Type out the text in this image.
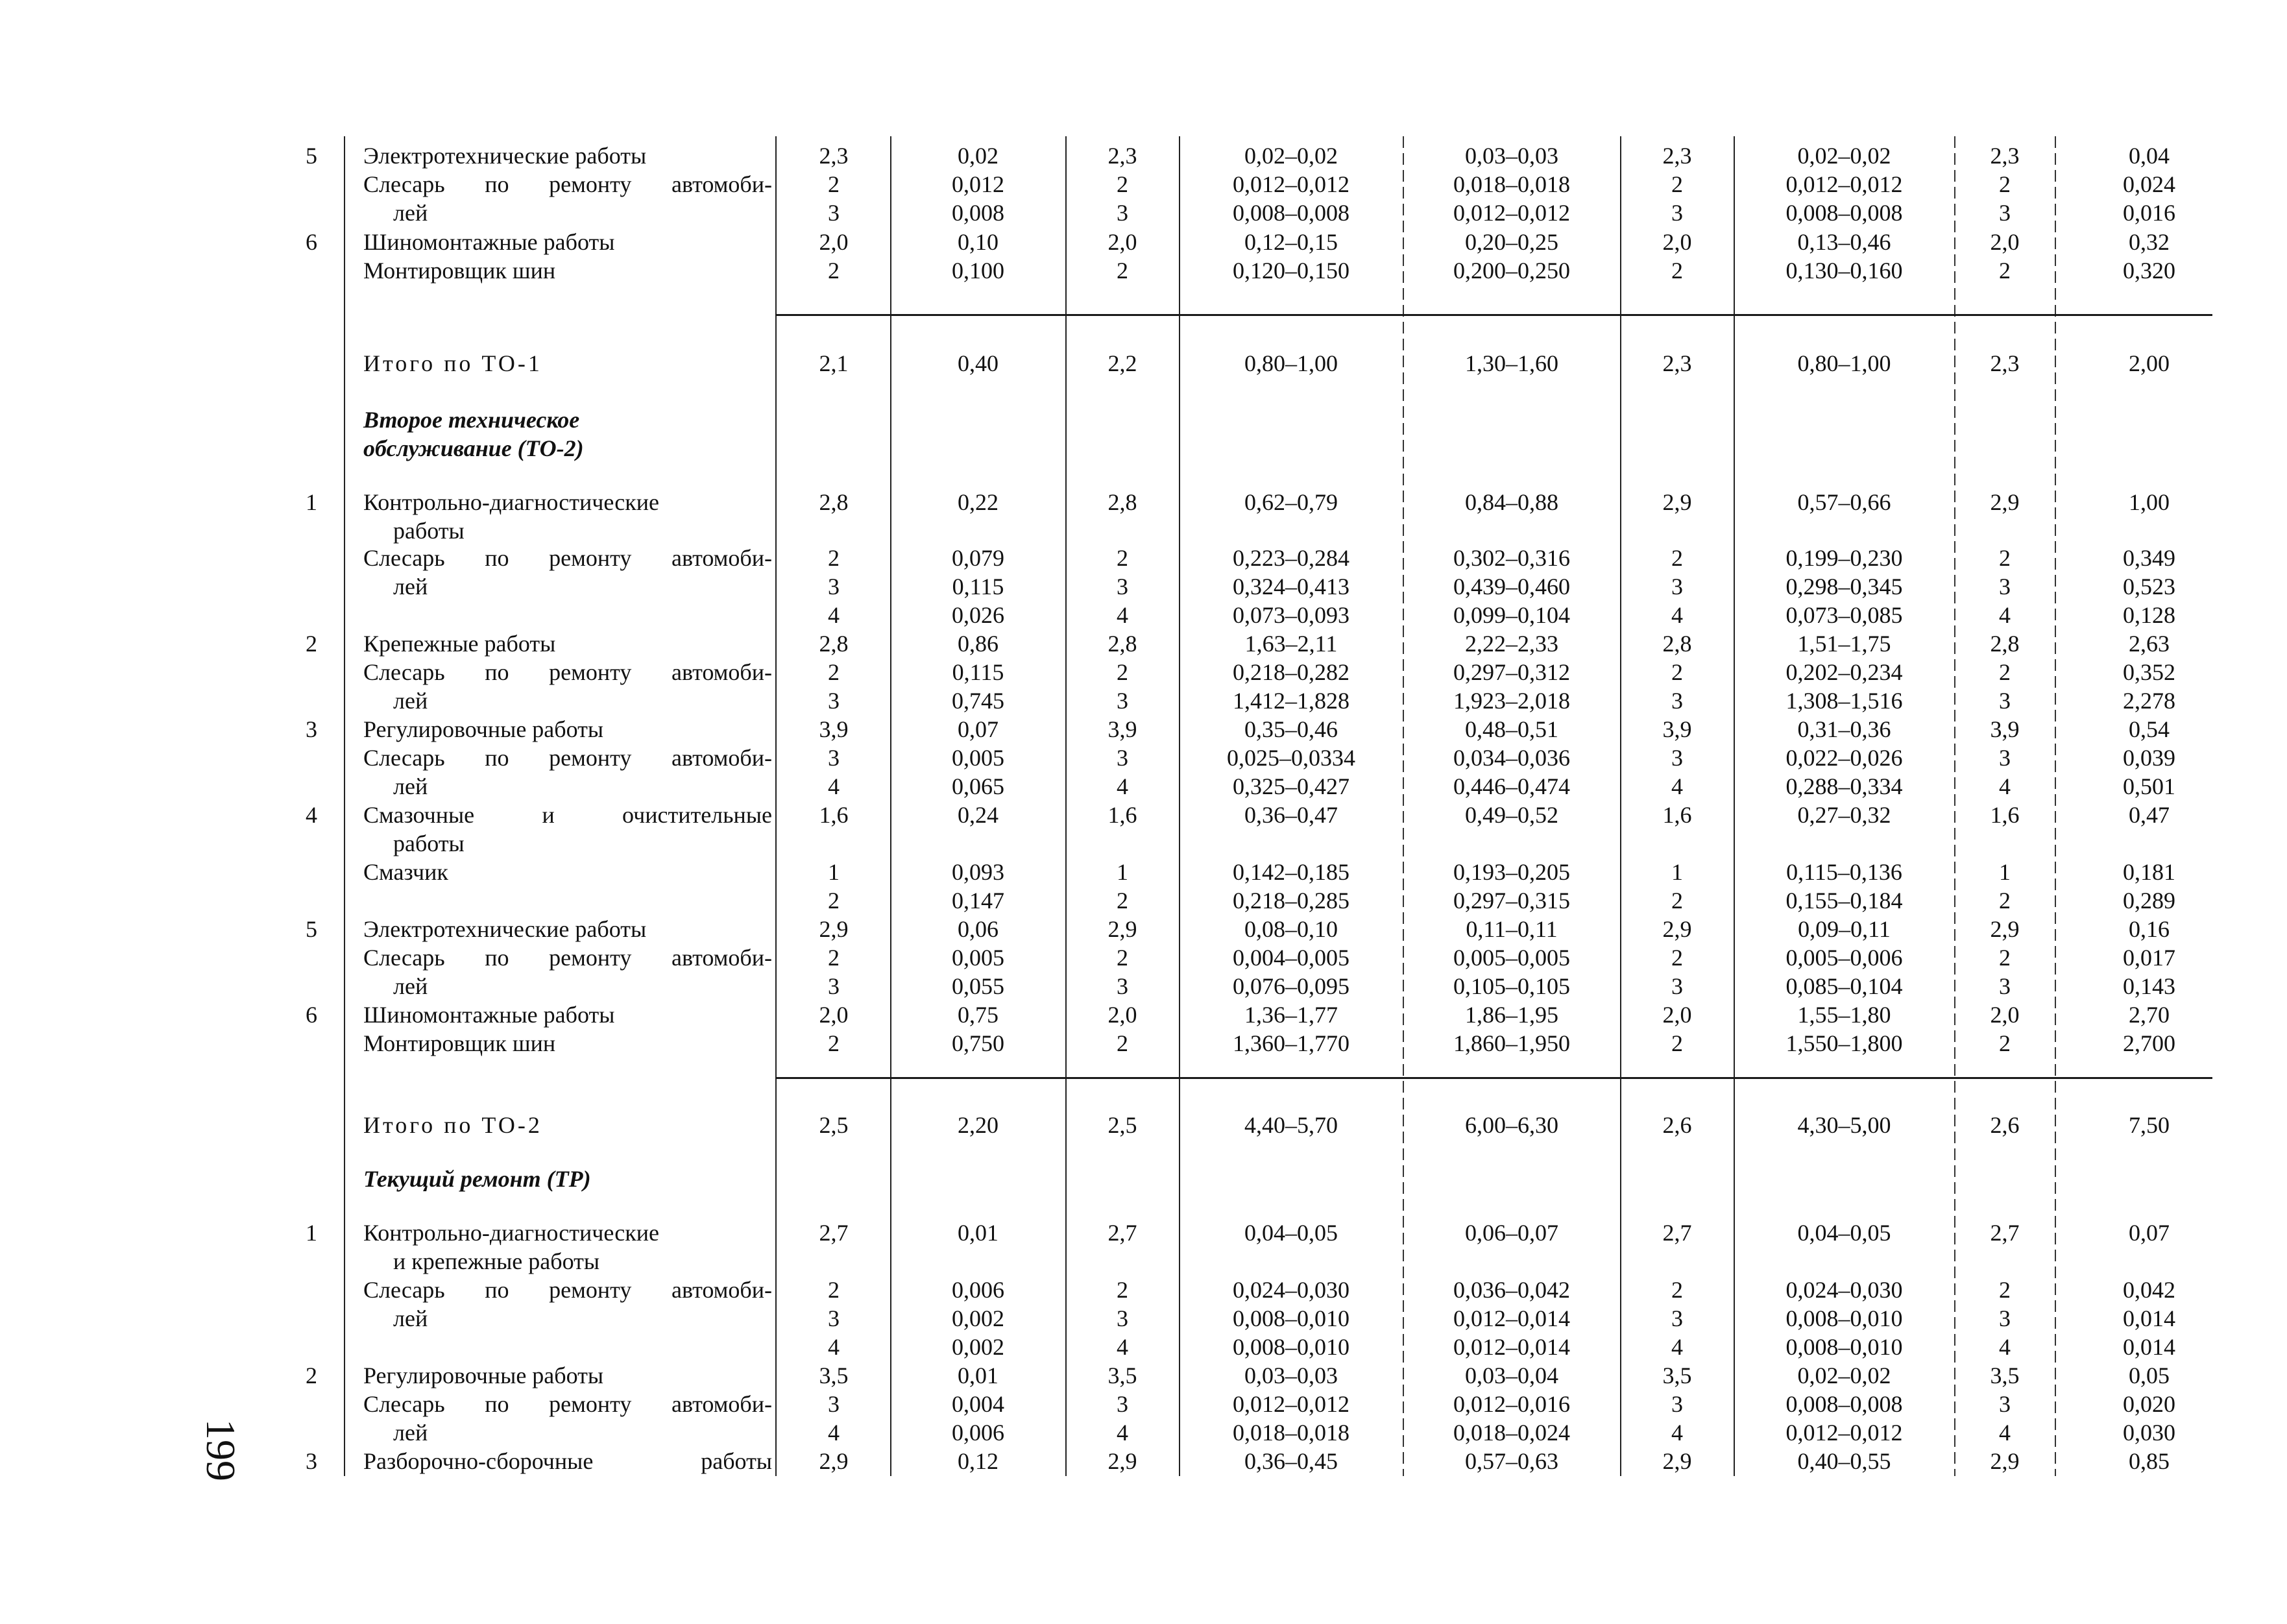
5	Электротехнические работы	2,3	0,02	2,3	0,02–0,02	0,03–0,03	2,3	0,02–0,02	2,3	0,04
Слесарь по ремонту автомоби-	2	0,012	2	0,012–0,012	0,018–0,018	2	0,012–0,012	2	0,024
лей	3	0,008	3	0,008–0,008	0,012–0,012	3	0,008–0,008	3	0,016
6	Шиномонтажные работы	2,0	0,10	2,0	0,12–0,15	0,20–0,25	2,0	0,13–0,46	2,0	0,32
Монтировщик шин	2	0,100	2	0,120–0,150	0,200–0,250	2	0,130–0,160	2	0,320
Итого по ТО-1	2,1	0,40	2,2	0,80–1,00	1,30–1,60	2,3	0,80–1,00	2,3	2,00
Второе техническое
обслуживание (ТО-2)
1	Контрольно-диагностические	2,8	0,22	2,8	0,62–0,79	0,84–0,88	2,9	0,57–0,66	2,9	1,00
работы
Слесарь по ремонту автомоби-	2	0,079	2	0,223–0,284	0,302–0,316	2	0,199–0,230	2	0,349
лей	3	0,115	3	0,324–0,413	0,439–0,460	3	0,298–0,345	3	0,523
4	0,026	4	0,073–0,093	0,099–0,104	4	0,073–0,085	4	0,128
2	Крепежные работы	2,8	0,86	2,8	1,63–2,11	2,22–2,33	2,8	1,51–1,75	2,8	2,63
Слесарь по ремонту автомоби-	2	0,115	2	0,218–0,282	0,297–0,312	2	0,202–0,234	2	0,352
лей	3	0,745	3	1,412–1,828	1,923–2,018	3	1,308–1,516	3	2,278
3	Регулировочные работы	3,9	0,07	3,9	0,35–0,46	0,48–0,51	3,9	0,31–0,36	3,9	0,54
Слесарь по ремонту автомоби-	3	0,005	3	0,025–0,0334	0,034–0,036	3	0,022–0,026	3	0,039
лей	4	0,065	4	0,325–0,427	0,446–0,474	4	0,288–0,334	4	0,501
4	Смазочные и очистительные	1,6	0,24	1,6	0,36–0,47	0,49–0,52	1,6	0,27–0,32	1,6	0,47
работы
Смазчик	1	0,093	1	0,142–0,185	0,193–0,205	1	0,115–0,136	1	0,181
2	0,147	2	0,218–0,285	0,297–0,315	2	0,155–0,184	2	0,289
5	Электротехнические работы	2,9	0,06	2,9	0,08–0,10	0,11–0,11	2,9	0,09–0,11	2,9	0,16
Слесарь по ремонту автомоби-	2	0,005	2	0,004–0,005	0,005–0,005	2	0,005–0,006	2	0,017
лей	3	0,055	3	0,076–0,095	0,105–0,105	3	0,085–0,104	3	0,143
6	Шиномонтажные работы	2,0	0,75	2,0	1,36–1,77	1,86–1,95	2,0	1,55–1,80	2,0	2,70
Монтировщик шин	2	0,750	2	1,360–1,770	1,860–1,950	2	1,550–1,800	2	2,700
Итого по ТО-2	2,5	2,20	2,5	4,40–5,70	6,00–6,30	2,6	4,30–5,00	2,6	7,50
Текущий ремонт (ТР)
1	Контрольно-диагностические	2,7	0,01	2,7	0,04–0,05	0,06–0,07	2,7	0,04–0,05	2,7	0,07
и крепежные работы
Слесарь по ремонту автомоби-	2	0,006	2	0,024–0,030	0,036–0,042	2	0,024–0,030	2	0,042
лей	3	0,002	3	0,008–0,010	0,012–0,014	3	0,008–0,010	3	0,014
4	0,002	4	0,008–0,010	0,012–0,014	4	0,008–0,010	4	0,014
2	Регулировочные работы	3,5	0,01	3,5	0,03–0,03	0,03–0,04	3,5	0,02–0,02	3,5	0,05
Слесарь по ремонту автомоби-	3	0,004	3	0,012–0,012	0,012–0,016	3	0,008–0,008	3	0,020
лей	4	0,006	4	0,018–0,018	0,018–0,024	4	0,012–0,012	4	0,030
3	Разборочно-сборочные работы	2,9	0,12	2,9	0,36–0,45	0,57–0,63	2,9	0,40–0,55	2,9	0,85
199
